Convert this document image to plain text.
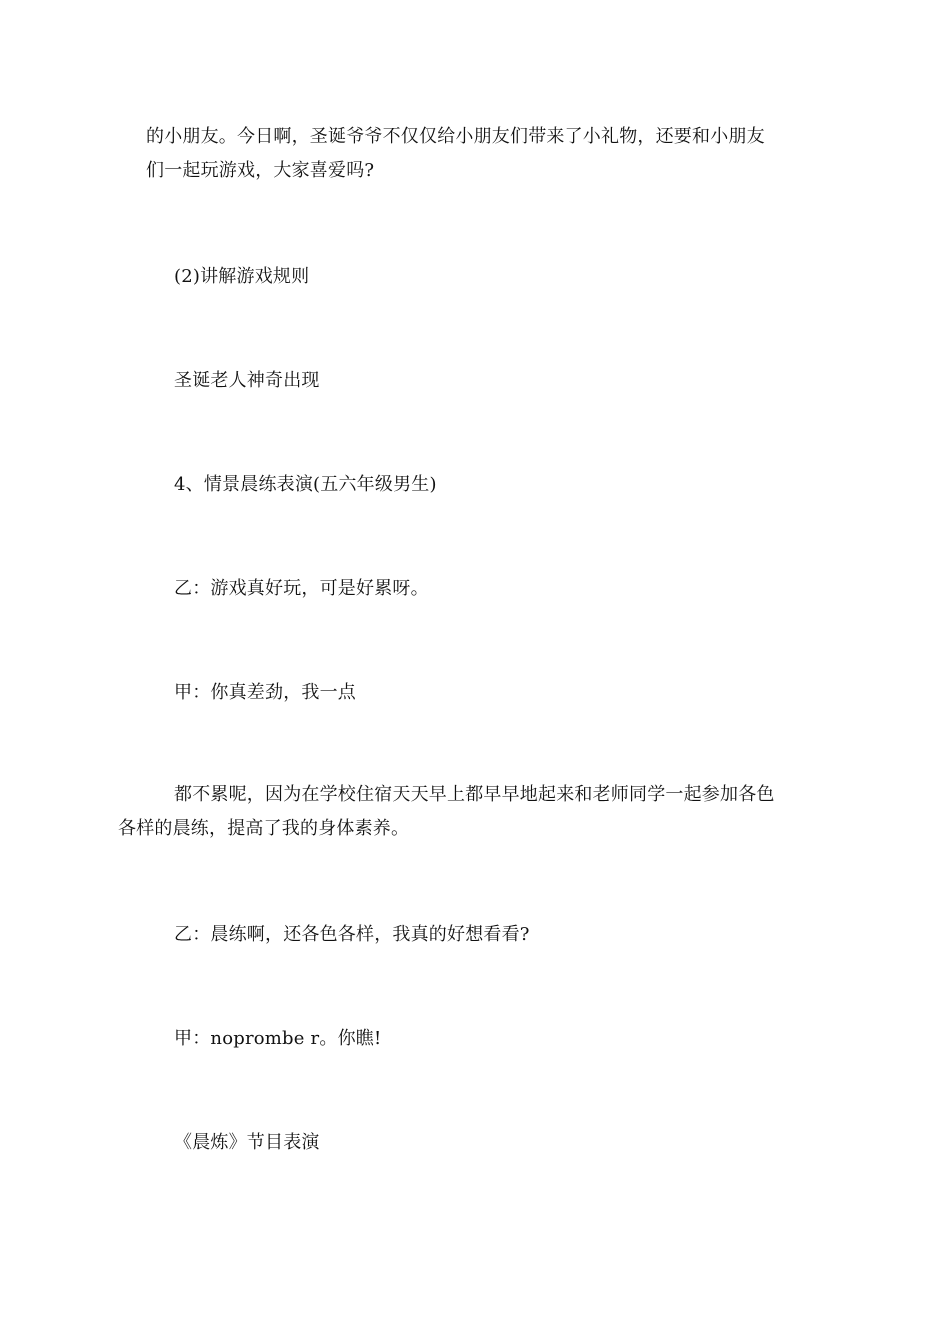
的小朋友。今日啊，圣诞爷爷不仅仅给小朋友们带来了小礼物，还要和小朋友
们一起玩游戏，大家喜爱吗?

(2)讲解游戏规则

圣诞老人神奇出现

4、情景晨练表演(五六年级男生)

乙：游戏真好玩，可是好累呀。

甲：你真差劲，我一点

都不累呢，因为在学校住宿天天早上都早早地起来和老师同学一起参加各色
各样的晨练，提高了我的身体素养。

乙：晨练啊，还各色各样，我真的好想看看?

甲：noprombe r。你瞧!

《晨炼》节目表演
